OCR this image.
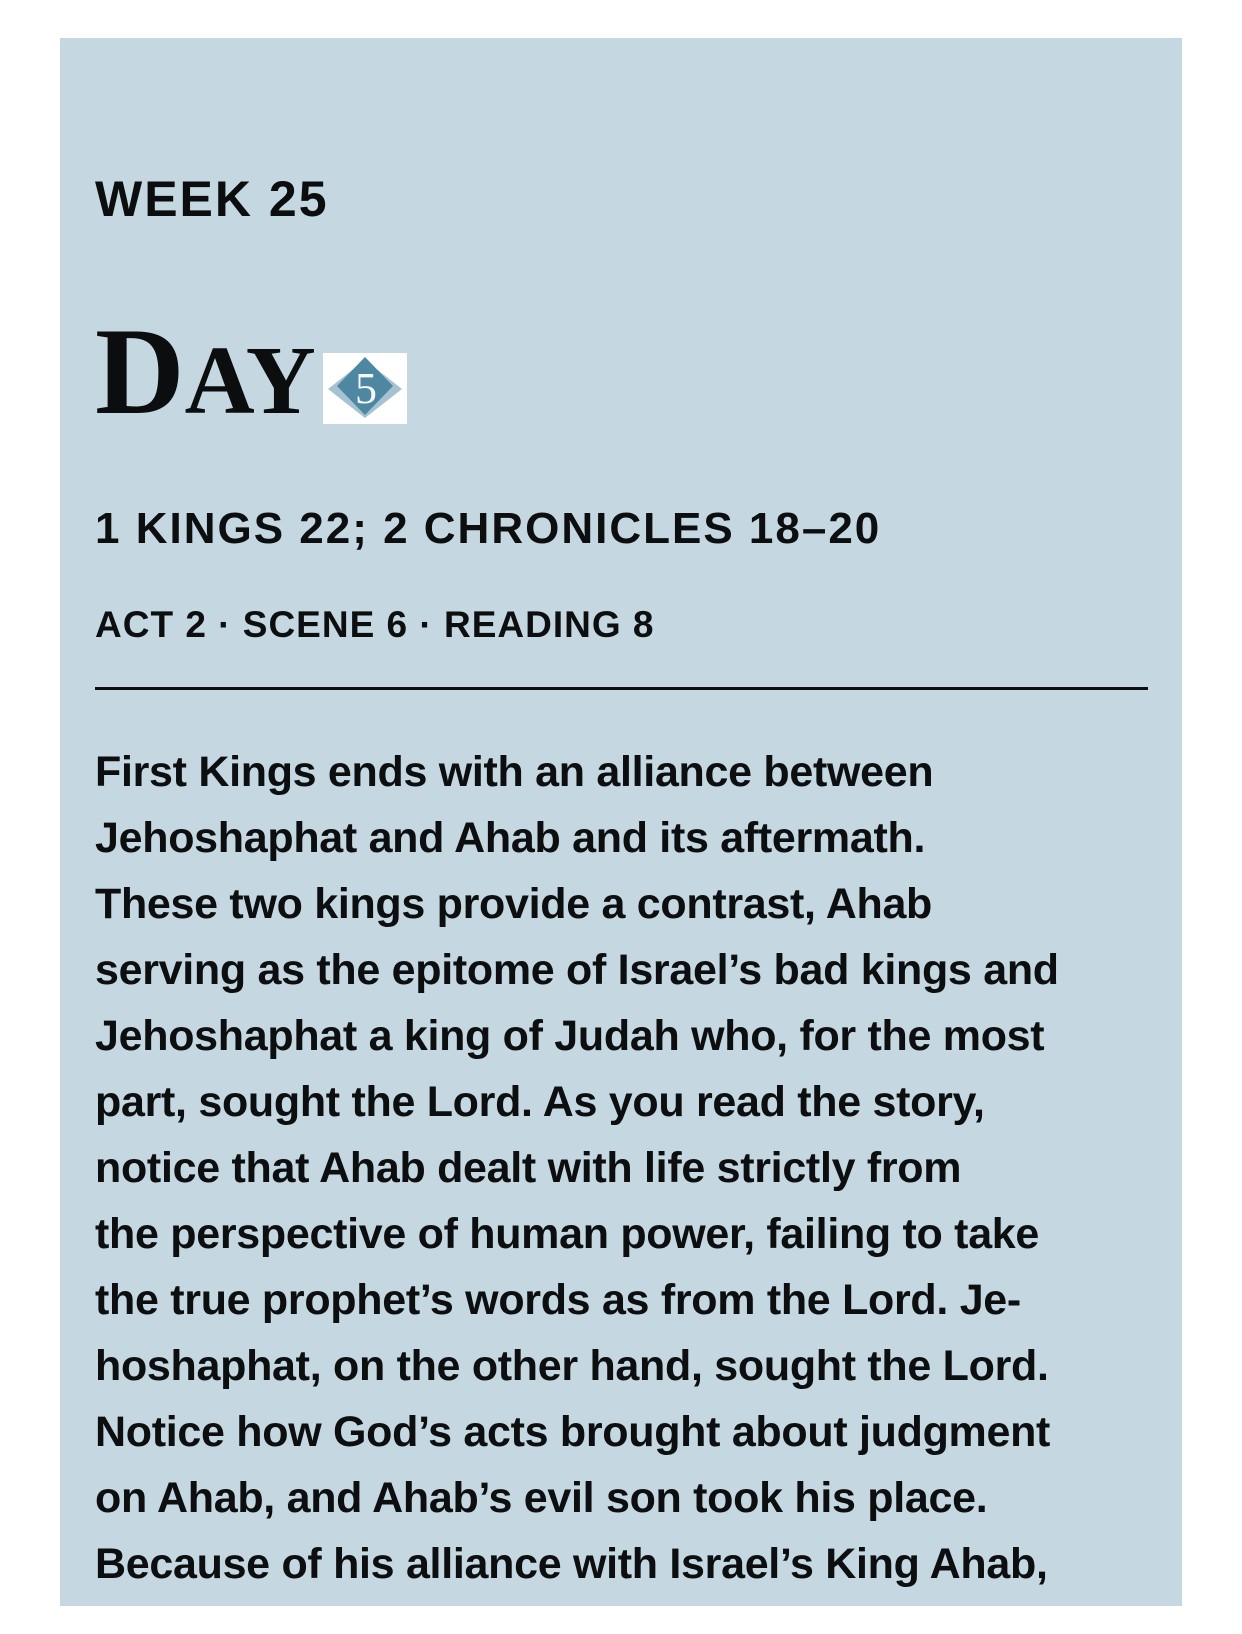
WEEK 25
DAY 5
1 KINGS 22; 2 CHRONICLES 18–20
ACT 2 · SCENE 6 · READING 8
First Kings ends with an alliance between
Jehoshaphat and Ahab and its aftermath.
These two kings provide a contrast, Ahab
serving as the epitome of Israel’s bad kings and
Jehoshaphat a king of Judah who, for the most
part, sought the Lord. As you read the story,
notice that Ahab dealt with life strictly from
the perspective of human power, failing to take
the true prophet’s words as from the Lord. Je-
hoshaphat, on the other hand, sought the Lord.
Notice how God’s acts brought about judgment
on Ahab, and Ahab’s evil son took his place.
Because of his alliance with Israel’s King Ahab,
